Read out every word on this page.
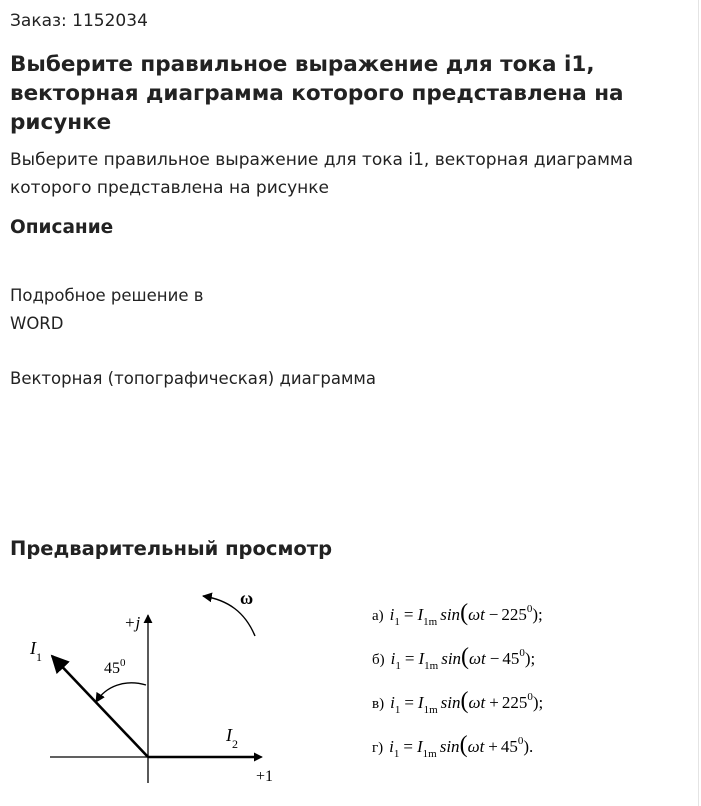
Заказ: 1152034
Выберите правильное выражение для тока i1, векторная диаграмма которого представлена на рисунке

Выберите правильное выражение для тока i1, векторная диаграмма которого представлена на рисунке

Описание

Подробное решение в
WORD

Векторная (топографическая) диаграмма

Предварительный просмотр
ω
+j
+1
$I_1$
$I_2$
$45^0$
а) $i_1 = I_{1m}$ $\sin(\omega t - 225^0)$;
б) $i_1 = I_{1m}$ $\sin(\omega t - 45^0)$;
в) $i_1 = I_{1m}$ $\sin(\omega t + 225^0)$;
г) $i_1 = I_{1m}$ $\sin(\omega t + 45^0)$.
